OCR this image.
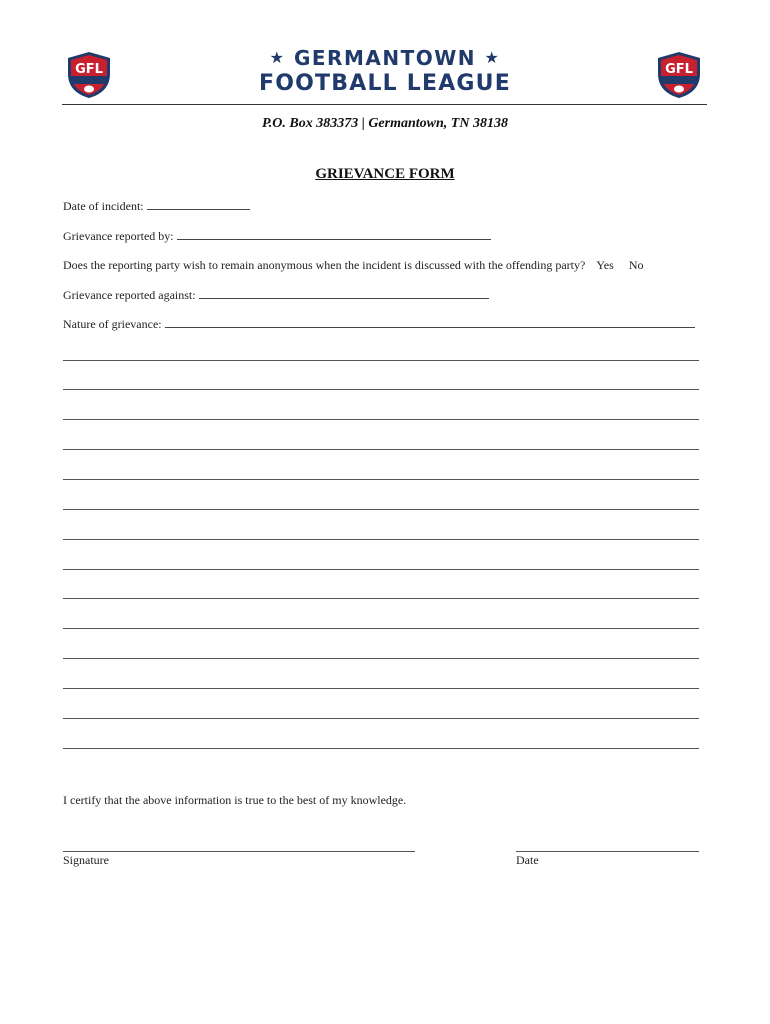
GFL	GFL
★ GERMANTOWN ★
FOOTBALL LEAGUE
P.O. Box 383373 | Germantown, TN 38138
GRIEVANCE FORM
Date of incident:
Grievance reported by:
Does the reporting party wish to remain anonymous when the incident is discussed with the offending party? Yes No
Grievance reported against:
Nature of grievance:
I certify that the above information is true to the best of my knowledge.
Signature	Date
